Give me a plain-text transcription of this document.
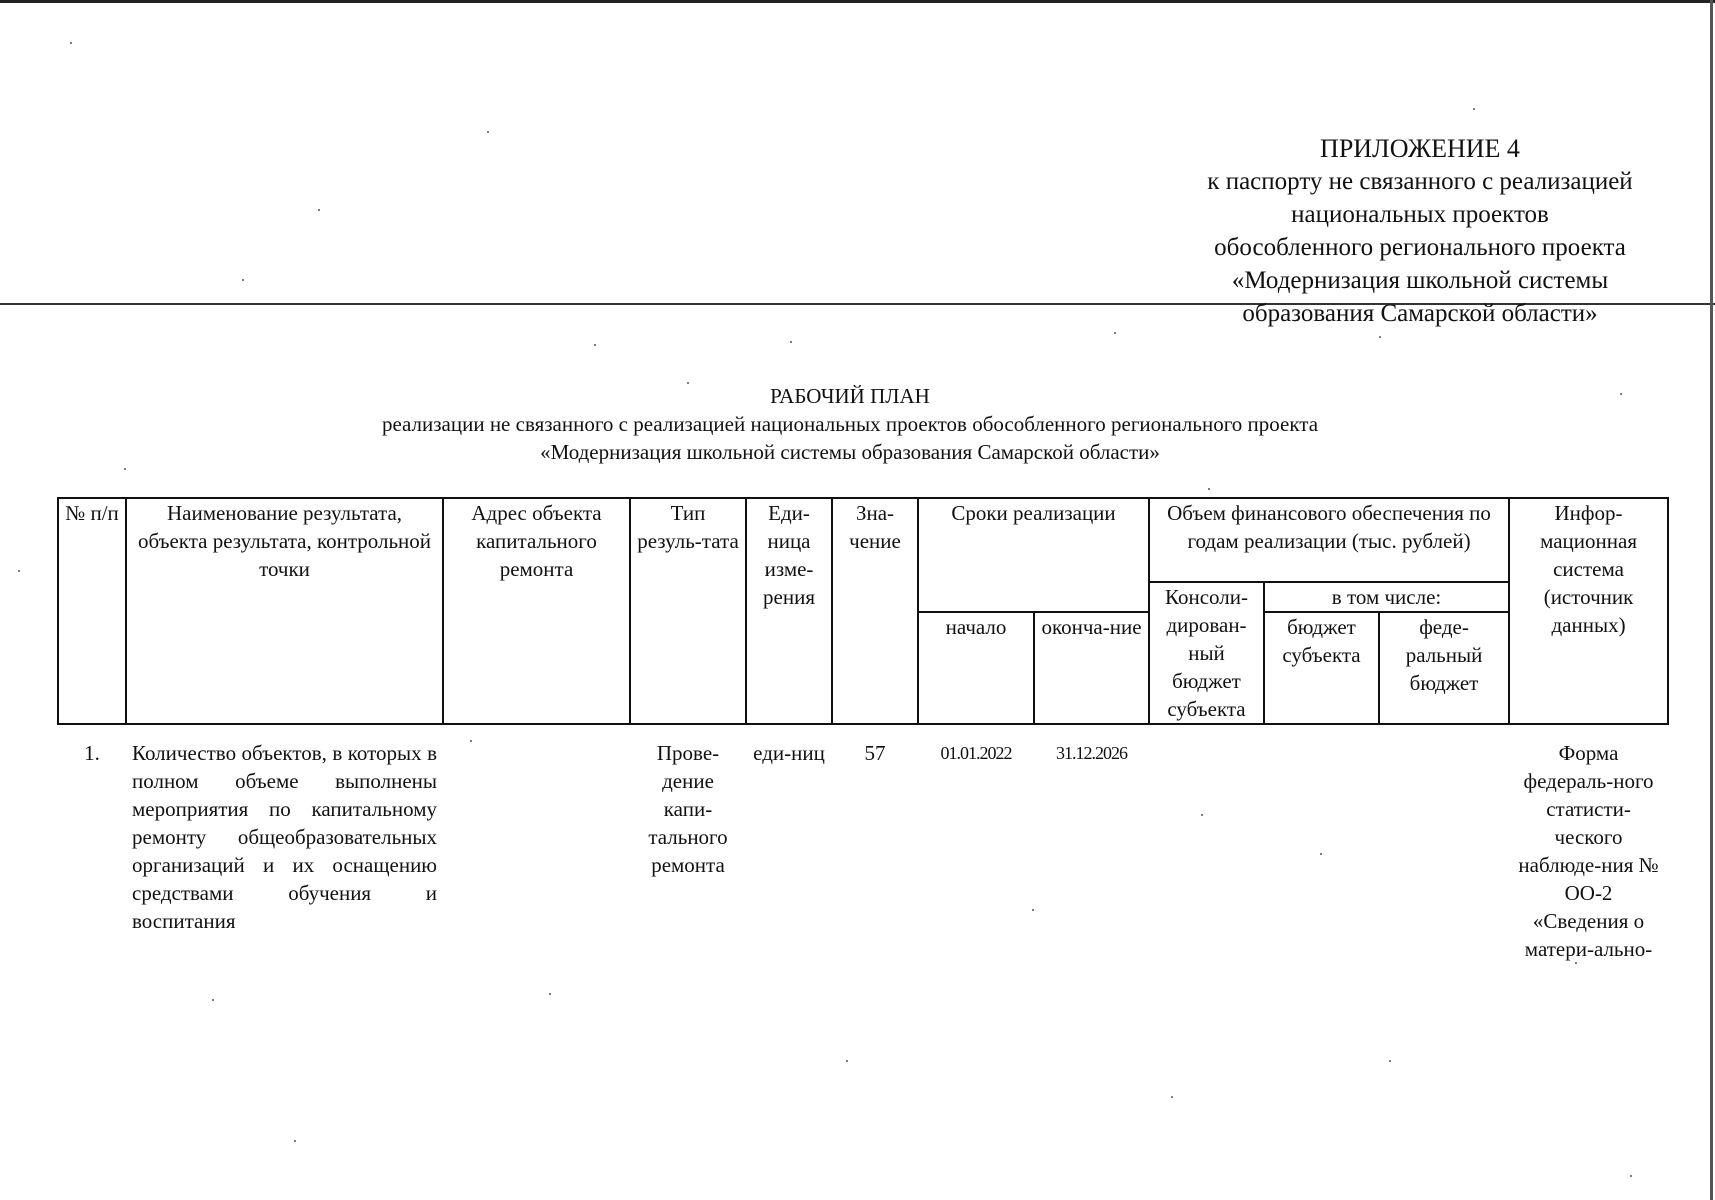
ПРИЛОЖЕНИЕ 4
к паспорту не связанного с реализацией
национальных проектов
обособленного регионального проекта
«Модернизация школьной системы
образования Самарской области»
РАБОЧИЙ ПЛАН
реализации не связанного с реализацией национальных проектов обособленного регионального проекта
«Модернизация школьной системы образования Самарской области»
№ п/п	Наименование результата, объекта результата, контрольной точки	Адрес объекта капитального ремонта	Тип резуль-тата	Еди-ница изме-рения	Зна-чение	Сроки реализации		Объем финансового обеспечения по годам реализации (тыс. рублей)			Инфор-мационная система (источник данных)
								Консоли-дирован-ный бюджет субъекта	в том числе:		
						начало	оконча-ние		бюджет субъекта	феде-ральный бюджет	

1.	Количество объектов, в которых в полном объеме выполнены мероприятия по капитальному ремонту общеобразовательных организаций и их оснащению средствами обучения и воспитания		Прове-дение капи-тального ремонта	еди-ниц	57	01.01.2022	31.12.2026				Форма федераль-ного статисти-ческого наблюде-ния № ОО-2 «Сведения о матери-ально-
